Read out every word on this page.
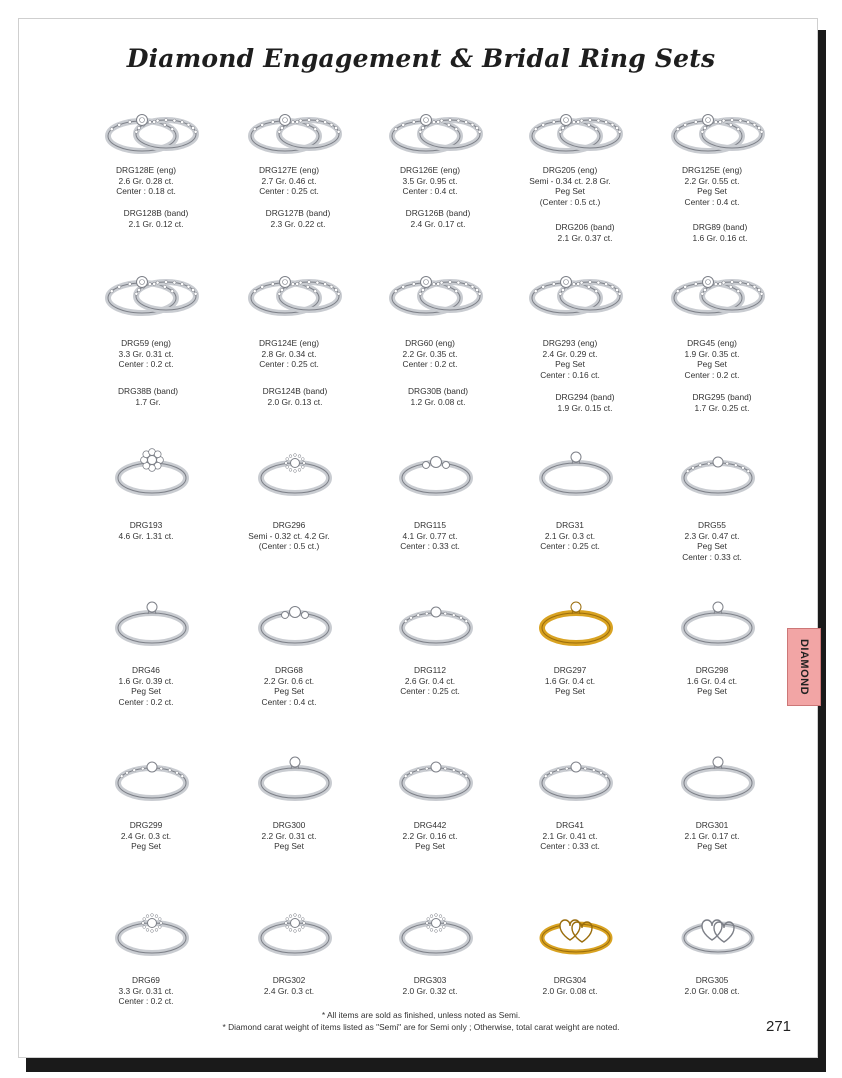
Diamond Engagement & Bridal Ring Sets
DRG128E (eng)
2.6 Gr. 0.28 ct.
Center : 0.18 ct.
DRG128B (band)
2.1 Gr. 0.12 ct.
DRG127E (eng)
2.7 Gr. 0.46 ct.
Center : 0.25 ct.
DRG127B (band)
2.3 Gr. 0.22 ct.
DRG126E (eng)
3.5 Gr. 0.95 ct.
Center : 0.4 ct.
DRG126B (band)
2.4 Gr. 0.17 ct.
DRG205 (eng)
Semi - 0.34 ct. 2.8 Gr.
Peg Set
(Center : 0.5 ct.)
DRG206 (band)
2.1 Gr. 0.37 ct.
DRG125E (eng)
2.2 Gr. 0.55 ct.
Peg Set
Center : 0.4 ct.
DRG89 (band)
1.6 Gr. 0.16 ct.
DRG59 (eng)
3.3 Gr. 0.31 ct.
Center : 0.2 ct.
DRG38B (band)
1.7 Gr.
DRG124E (eng)
2.8 Gr. 0.34 ct.
Center : 0.25 ct.
DRG124B (band)
2.0 Gr. 0.13 ct.
DRG60 (eng)
2.2 Gr. 0.35 ct.
Center : 0.2 ct.
DRG30B (band)
1.2 Gr. 0.08 ct.
DRG293 (eng)
2.4 Gr. 0.29 ct.
Peg Set
Center : 0.16 ct.
DRG294 (band)
1.9 Gr. 0.15 ct.
DRG45 (eng)
1.9 Gr. 0.35 ct.
Peg Set
Center : 0.2 ct.
DRG295 (band)
1.7 Gr. 0.25 ct.
DRG193
4.6 Gr. 1.31 ct.
DRG296
Semi - 0.32 ct. 4.2 Gr.
(Center : 0.5 ct.)
DRG115
4.1 Gr. 0.77 ct.
Center : 0.33 ct.
DRG31
2.1 Gr. 0.3 ct.
Center : 0.25 ct.
DRG55
2.3 Gr. 0.47 ct.
Peg Set
Center : 0.33 ct.
DRG46
1.6 Gr. 0.39 ct.
Peg Set
Center : 0.2 ct.
DRG68
2.2 Gr. 0.6 ct.
Peg Set
Center : 0.4 ct.
DRG112
2.6 Gr. 0.4 ct.
Center : 0.25 ct.
DRG297
1.6 Gr. 0.4 ct.
Peg Set
DRG298
1.6 Gr. 0.4 ct.
Peg Set
DRG299
2.4 Gr. 0.3 ct.
Peg Set
DRG300
2.2 Gr. 0.31 ct.
Peg Set
DRG442
2.2 Gr. 0.16 ct.
Peg Set
DRG41
2.1 Gr. 0.41 ct.
Center : 0.33 ct.
DRG301
2.1 Gr. 0.17 ct.
Peg Set
DRG69
3.3 Gr. 0.31 ct.
Center : 0.2 ct.
DRG302
2.4 Gr. 0.3 ct.
DRG303
2.0 Gr. 0.32 ct.
DRG304
2.0 Gr. 0.08 ct.
DRG305
2.0 Gr. 0.08 ct.
DIAMOND
* All items are sold as finished, unless noted as Semi.
* Diamond carat weight of items listed as "Semi" are for Semi only ; Otherwise, total carat weight are noted.	271
